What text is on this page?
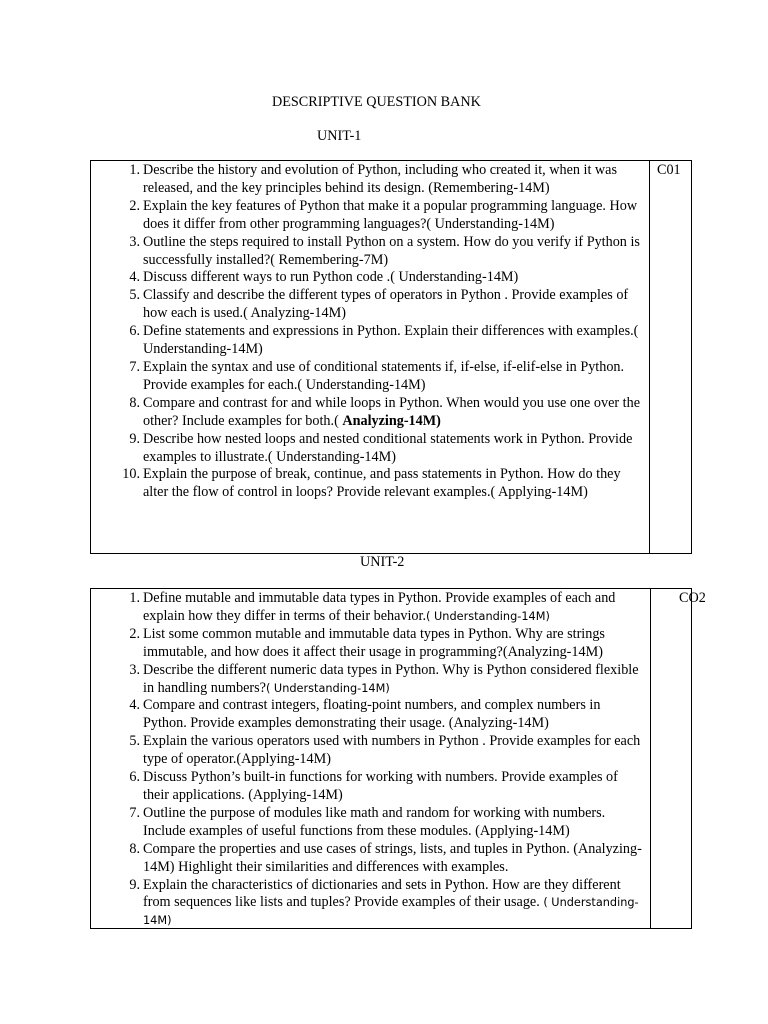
DESCRIPTIVE QUESTION BANK
UNIT-1
C01
1. Describe the history and evolution of Python, including who created it, when it was released, and the key principles behind its design. (Remembering-14M)
2. Explain the key features of Python that make it a popular programming language. How does it differ from other programming languages?( Understanding-14M)
3. Outline the steps required to install Python on a system. How do you verify if Python is successfully installed?( Remembering-7M)
4. Discuss different ways to run Python code .( Understanding-14M)
5. Classify and describe the different types of operators in Python . Provide examples of how each is used.( Analyzing-14M)
6. Define statements and expressions in Python. Explain their differences with examples.( Understanding-14M)
7. Explain the syntax and use of conditional statements if, if-else, if-elif-else in Python. Provide examples for each.( Understanding-14M)
8. Compare and contrast for and while loops in Python. When would you use one over the other? Include examples for both.( Analyzing-14M)
9. Describe how nested loops and nested conditional statements work in Python. Provide examples to illustrate.( Understanding-14M)
10. Explain the purpose of break, continue, and pass statements in Python. How do they alter the flow of control in loops? Provide relevant examples.( Applying-14M)
UNIT-2
CO2
1. Define mutable and immutable data types in Python. Provide examples of each and explain how they differ in terms of their behavior.( Understanding-14M)
2. List some common mutable and immutable data types in Python. Why are strings immutable, and how does it affect their usage in programming?(Analyzing-14M)
3. Describe the different numeric data types in Python. Why is Python considered flexible in handling numbers?( Understanding-14M)
4. Compare and contrast integers, floating-point numbers, and complex numbers in Python. Provide examples demonstrating their usage. (Analyzing-14M)
5. Explain the various operators used with numbers in Python . Provide examples for each type of operator.(Applying-14M)
6. Discuss Python’s built-in functions for working with numbers. Provide examples of their applications. (Applying-14M)
7. Outline the purpose of modules like math and random for working with numbers. Include examples of useful functions from these modules. (Applying-14M)
8. Compare the properties and use cases of strings, lists, and tuples in Python. (Analyzing-14M) Highlight their similarities and differences with examples.
9. Explain the characteristics of dictionaries and sets in Python. How are they different from sequences like lists and tuples? Provide examples of their usage. ( Understanding-14M)
